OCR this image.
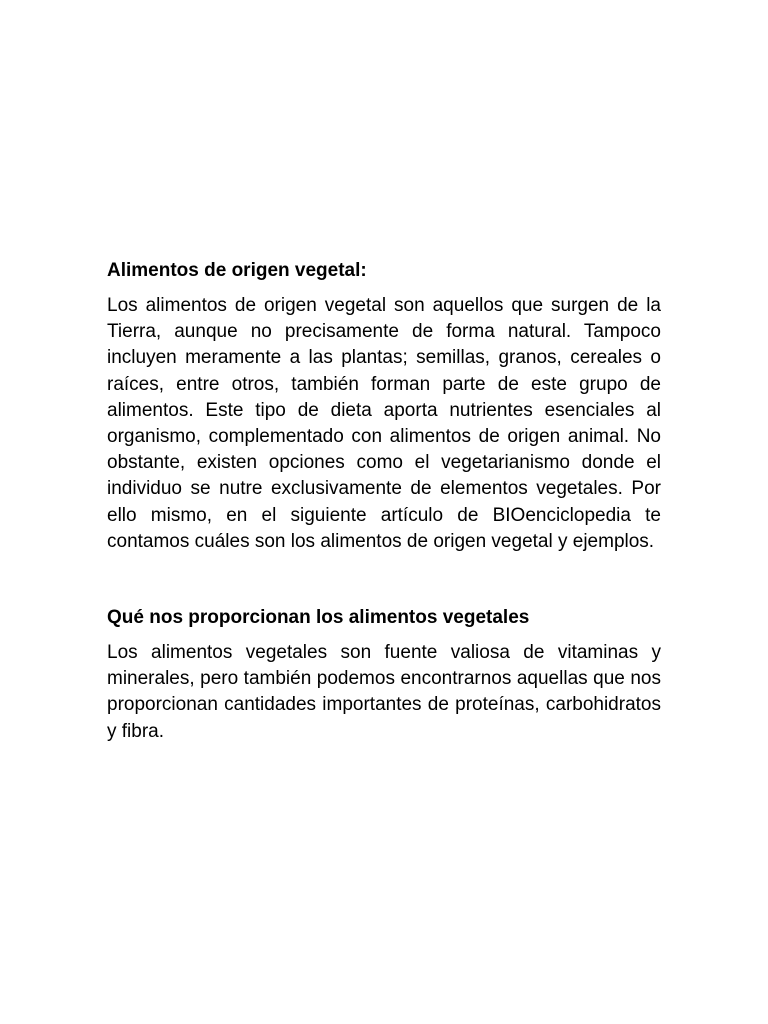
Alimentos de origen vegetal:

Los alimentos de origen vegetal son aquellos que surgen de la Tierra, aunque no precisamente de forma natural. Tampoco incluyen meramente a las plantas; semillas, granos, cereales o raíces, entre otros, también forman parte de este grupo de alimentos. Este tipo de dieta aporta nutrientes esenciales al organismo, complementado con alimentos de origen animal. No obstante, existen opciones como el vegetarianismo donde el individuo se nutre exclusivamente de elementos vegetales. Por ello mismo, en el siguiente artículo de BIOenciclopedia te contamos cuáles son los alimentos de origen vegetal y ejemplos.

Qué nos proporcionan los alimentos vegetales

Los alimentos vegetales son fuente valiosa de vitaminas y minerales, pero también podemos encontrarnos aquellas que nos proporcionan cantidades importantes de proteínas, carbohidratos y fibra.
